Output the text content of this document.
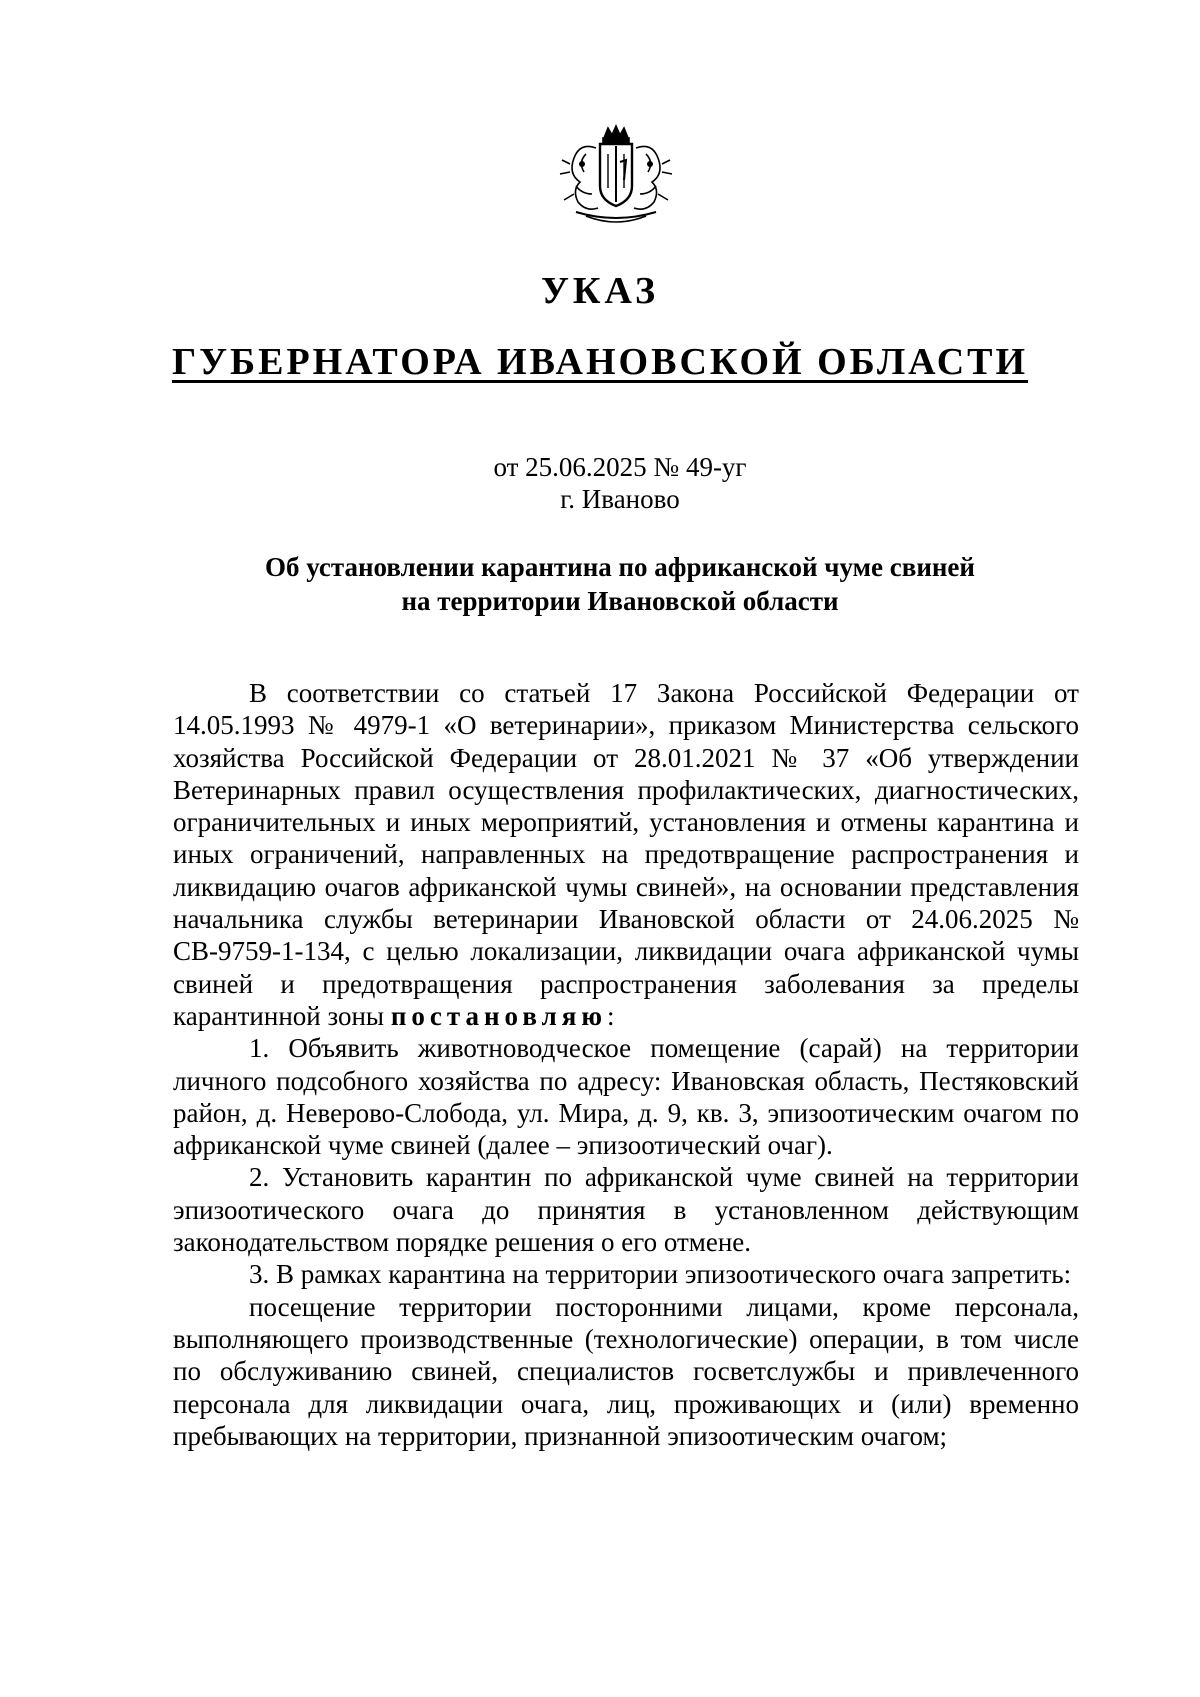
УКАЗ
ГУБЕРНАТОРА ИВАНОВСКОЙ ОБЛАСТИ
от 25.06.2025 № 49-уг
г. Иваново
Об установлении карантина по африканской чуме свиней
на территории Ивановской области

В соответствии со статьей 17 Закона Российской Федерации от 14.05.1993 № 4979-1 «О ветеринарии», приказом Министерства сельского хозяйства Российской Федерации от 28.01.2021 № 37 «Об утверждении Ветеринарных правил осуществления профилактических, диагностических, ограничительных и иных мероприятий, установления и отмены карантина и иных ограничений, направленных на предотвращение распространения и ликвидацию очагов африканской чумы свиней», на основании представления начальника службы ветеринарии Ивановской области от 24.06.2025 № СВ-9759-1-134, с целью локализации, ликвидации очага африканской чумы свиней и предотвращения распространения заболевания за пределы карантинной зоны постановляю:

1. Объявить животноводческое помещение (сарай) на территории личного подсобного хозяйства по адресу: Ивановская область, Пестяковский район, д. Неверово-Слобода, ул. Мира, д. 9, кв. 3, эпизоотическим очагом по африканской чуме свиней (далее – эпизоотический очаг).

2. Установить карантин по африканской чуме свиней на территории эпизоотического очага до принятия в установленном действующим законодательством порядке решения о его отмене.

3. В рамках карантина на территории эпизоотического очага запретить:

посещение территории посторонними лицами, кроме персонала, выполняющего производственные (технологические) операции, в том числе по обслуживанию свиней, специалистов госветслужбы и привлеченного персонала для ликвидации очага, лиц, проживающих и (или) временно пребывающих на территории, признанной эпизоотическим очагом;
